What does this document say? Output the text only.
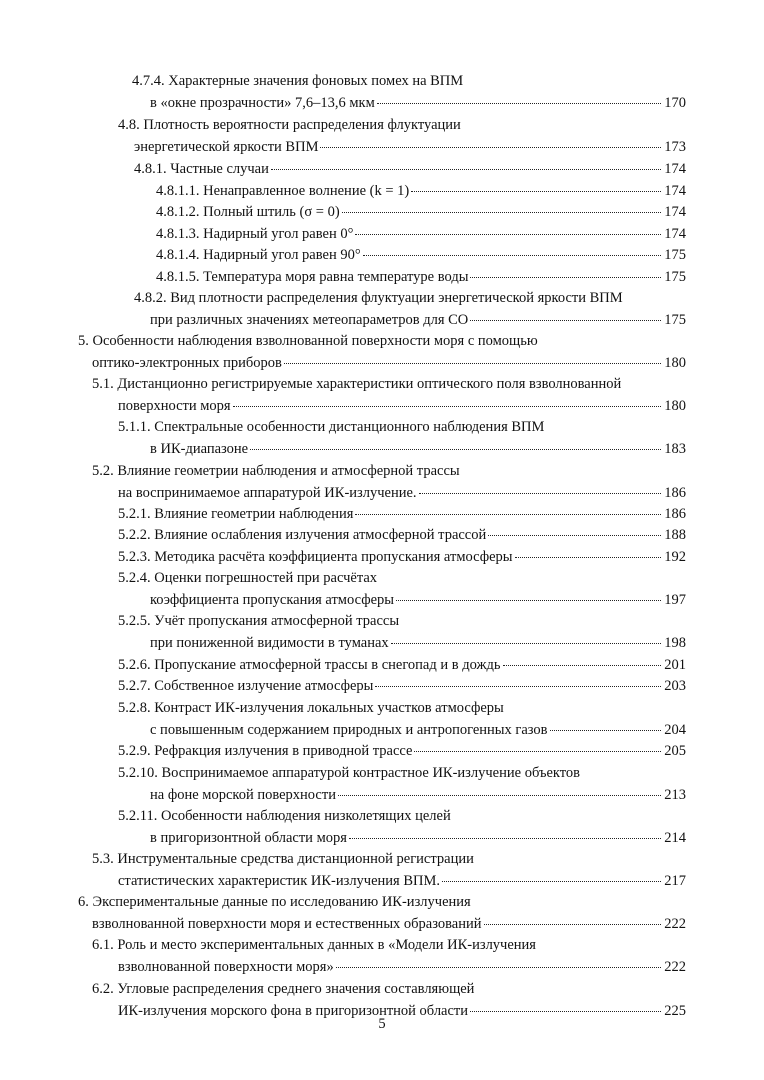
4.7.4. Характерные значения фоновых помех на ВПМ
в «окне прозрачности» 7,6–13,6 мкм	170
4.8. Плотность вероятности распределения флуктуации
энергетической яркости ВПМ	173
4.8.1. Частные случаи	174
4.8.1.1. Ненаправленное волнение (k = 1)	174
4.8.1.2. Полный штиль (σ = 0)	174
4.8.1.3. Надирный угол равен 0°	174
4.8.1.4. Надирный угол равен 90°	175
4.8.1.5. Температура моря равна температуре воды	175
4.8.2. Вид плотности распределения флуктуации энергетической яркости ВПМ
при различных значениях метеопараметров для СО	175
5. Особенности наблюдения взволнованной поверхности моря с помощью
оптико-электронных приборов	180
5.1. Дистанционно регистрируемые характеристики оптического поля взволнованной
поверхности моря	180
5.1.1. Спектральные особенности дистанционного наблюдения ВПМ
в ИК-диапазоне	183
5.2. Влияние геометрии наблюдения и атмосферной трассы
на воспринимаемое аппаратурой ИК-излучение.	186
5.2.1. Влияние геометрии наблюдения	186
5.2.2. Влияние ослабления излучения атмосферной трассой	188
5.2.3. Методика расчёта коэффициента пропускания атмосферы	192
5.2.4. Оценки погрешностей при расчётах
коэффициента пропускания атмосферы	197
5.2.5. Учёт пропускания атмосферной трассы
при пониженной видимости в туманах	198
5.2.6. Пропускание атмосферной трассы в снегопад и в дождь	201
5.2.7. Собственное излучение атмосферы	203
5.2.8. Контраст ИК-излучения локальных участков атмосферы
с повышенным содержанием природных и антропогенных газов	204
5.2.9. Рефракция излучения в приводной трассе	205
5.2.10. Воспринимаемое аппаратурой контрастное ИК-излучение объектов
на фоне морской поверхности	213
5.2.11. Особенности наблюдения низколетящих целей
в пригоризонтной области моря	214
5.3. Инструментальные средства дистанционной регистрации
статистических характеристик ИК-излучения ВПМ.	217
6. Экспериментальные данные по исследованию ИК-излучения
взволнованной поверхности моря и естественных образований	222
6.1. Роль и место экспериментальных данных в «Модели ИК-излучения
взволнованной поверхности моря»	222
6.2. Угловые распределения среднего значения составляющей
ИК-излучения морского фона в пригоризонтной области	225
5
